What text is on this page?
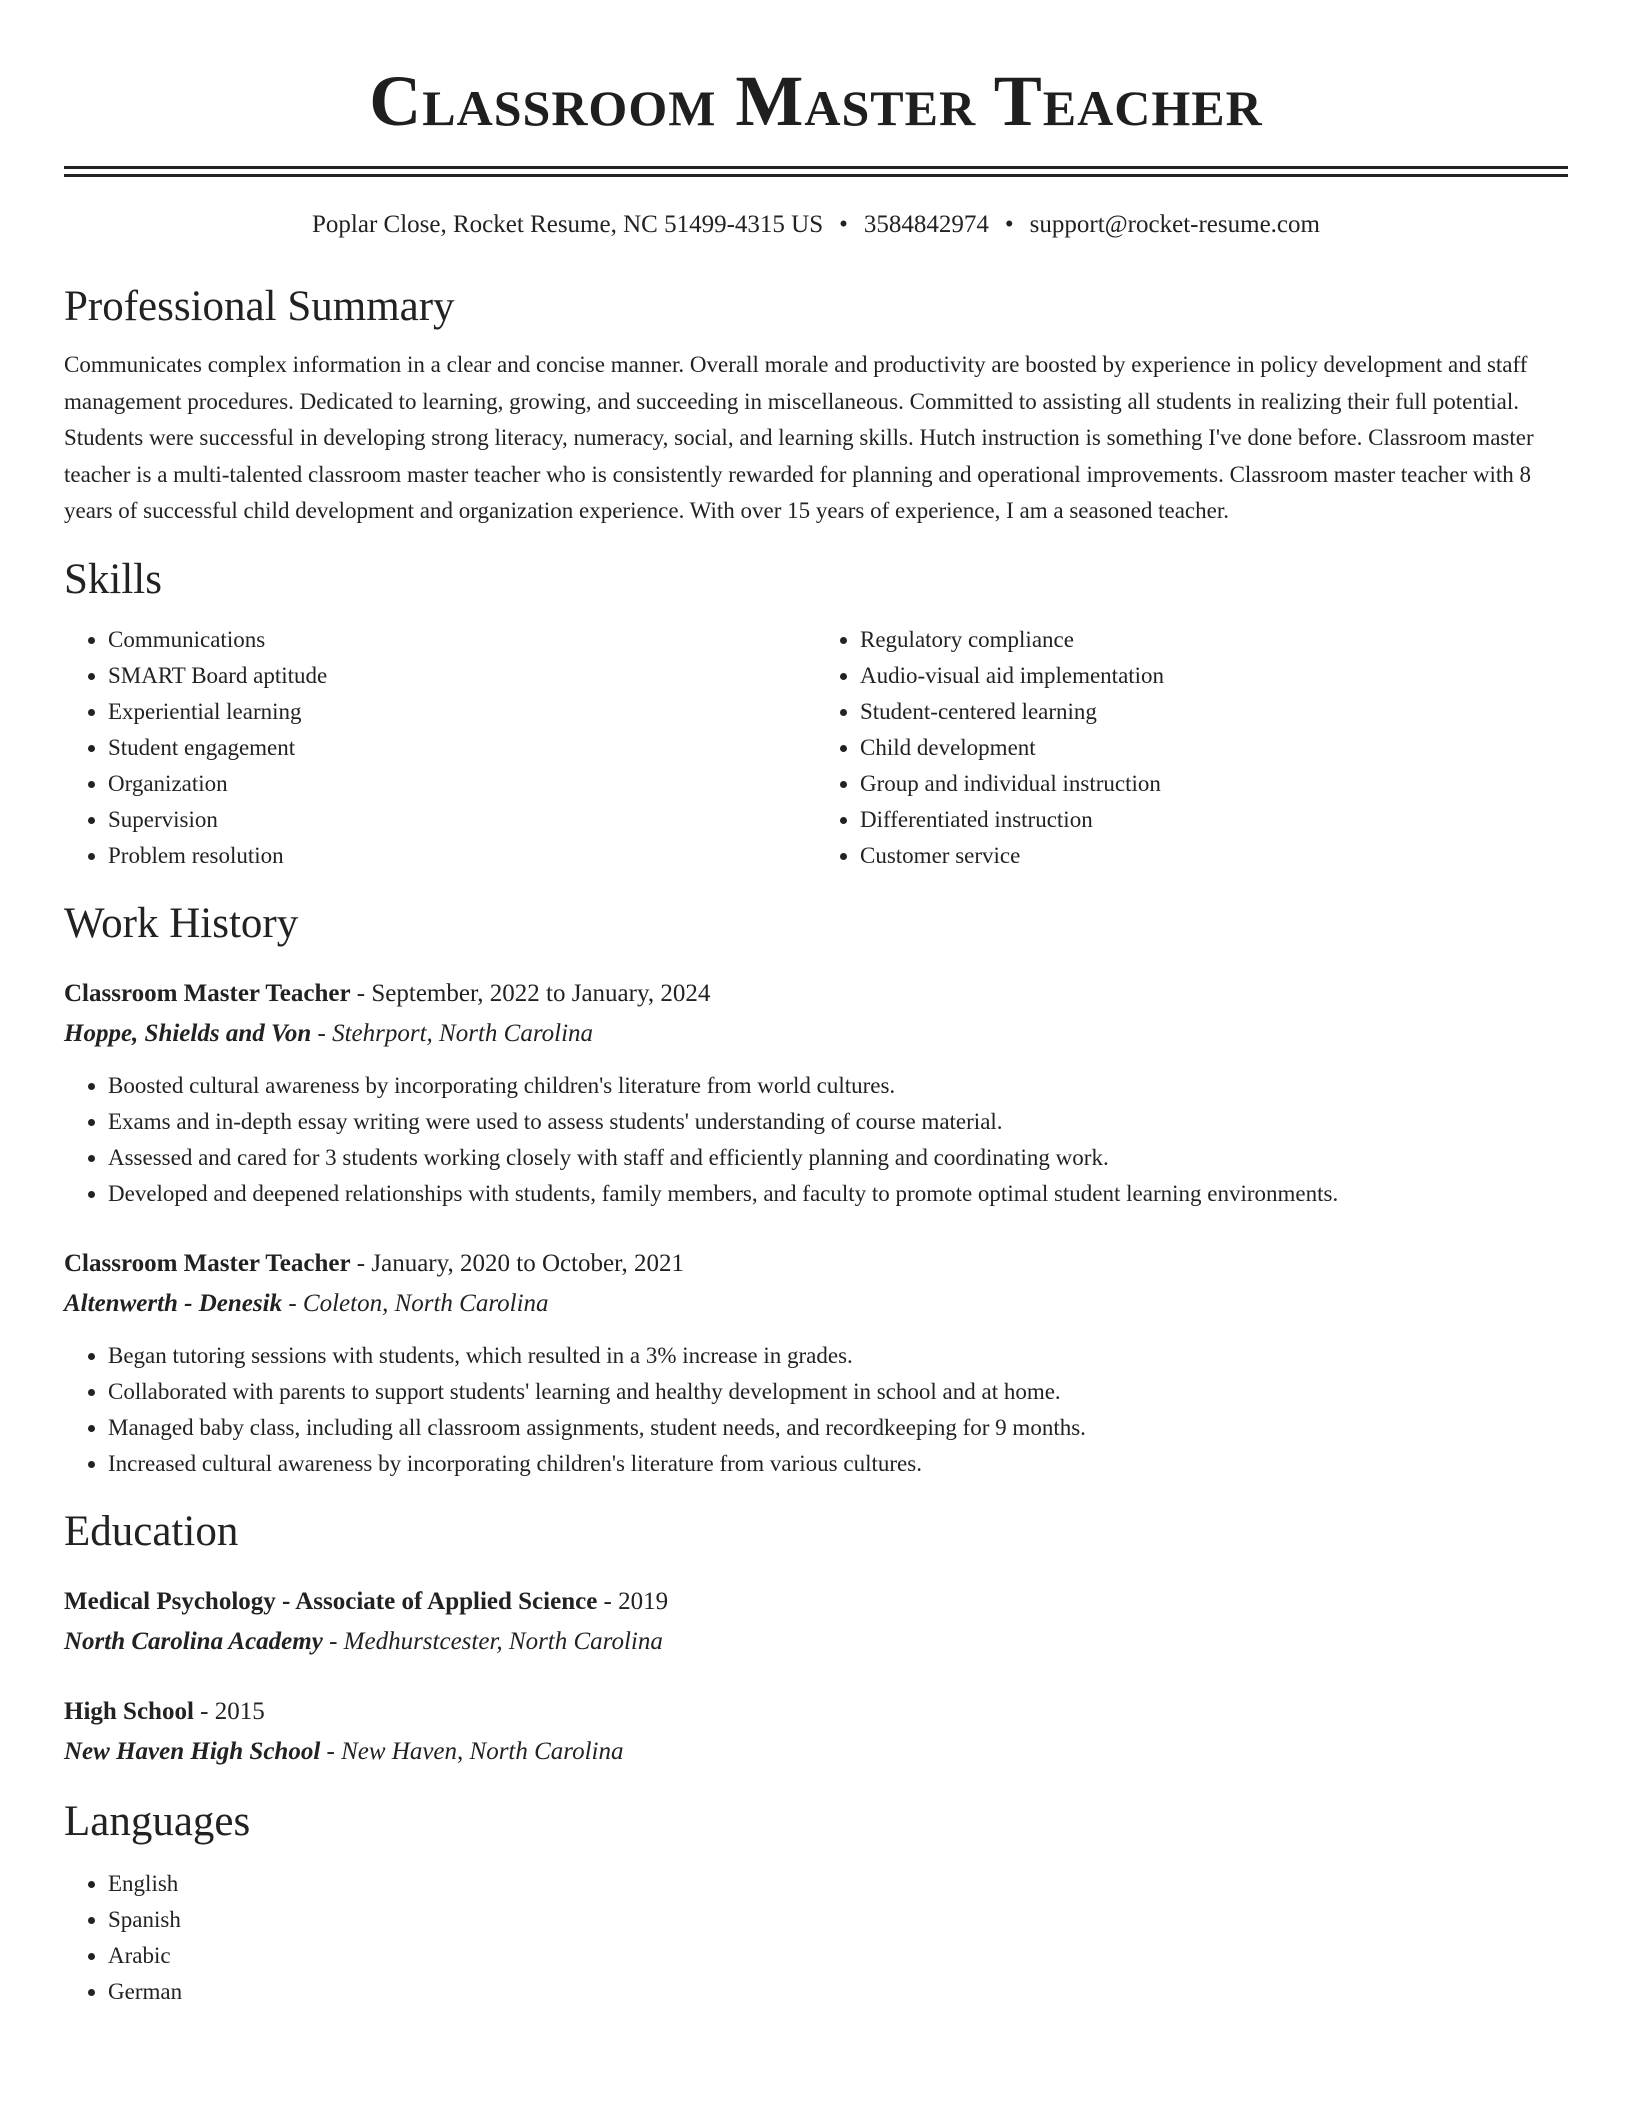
Classroom Master Teacher
Poplar Close, Rocket Resume, NC 51499-4315 US • 3584842974 • support@rocket-resume.com
Professional Summary

Communicates complex information in a clear and concise manner. Overall morale and productivity are boosted by experience in policy development and staff management procedures. Dedicated to learning, growing, and succeeding in miscellaneous. Committed to assisting all students in realizing their full potential. Students were successful in developing strong literacy, numeracy, social, and learning skills. Hutch instruction is something I've done before. Classroom master teacher is a multi-talented classroom master teacher who is consistently rewarded for planning and operational improvements. Classroom master teacher with 8 years of successful child development and organization experience. With over 15 years of experience, I am a seasoned teacher.

Skills
• Communications
• SMART Board aptitude
• Experiential learning
• Student engagement
• Organization
• Supervision
• Problem resolution
• Regulatory compliance
• Audio-visual aid implementation
• Student-centered learning
• Child development
• Group and individual instruction
• Differentiated instruction
• Customer service
Work History
Classroom Master Teacher - September, 2022 to January, 2024
Hoppe, Shields and Von - Stehrport, North Carolina
• Boosted cultural awareness by incorporating children's literature from world cultures.
• Exams and in-depth essay writing were used to assess students' understanding of course material.
• Assessed and cared for 3 students working closely with staff and efficiently planning and coordinating work.
• Developed and deepened relationships with students, family members, and faculty to promote optimal student learning environments.
Classroom Master Teacher - January, 2020 to October, 2021
Altenwerth - Denesik - Coleton, North Carolina
• Began tutoring sessions with students, which resulted in a 3% increase in grades.
• Collaborated with parents to support students' learning and healthy development in school and at home.
• Managed baby class, including all classroom assignments, student needs, and recordkeeping for 9 months.
• Increased cultural awareness by incorporating children's literature from various cultures.
Education
Medical Psychology - Associate of Applied Science - 2019
North Carolina Academy - Medhurstcester, North Carolina
High School - 2015
New Haven High School - New Haven, North Carolina
Languages
• English
• Spanish
• Arabic
• German
